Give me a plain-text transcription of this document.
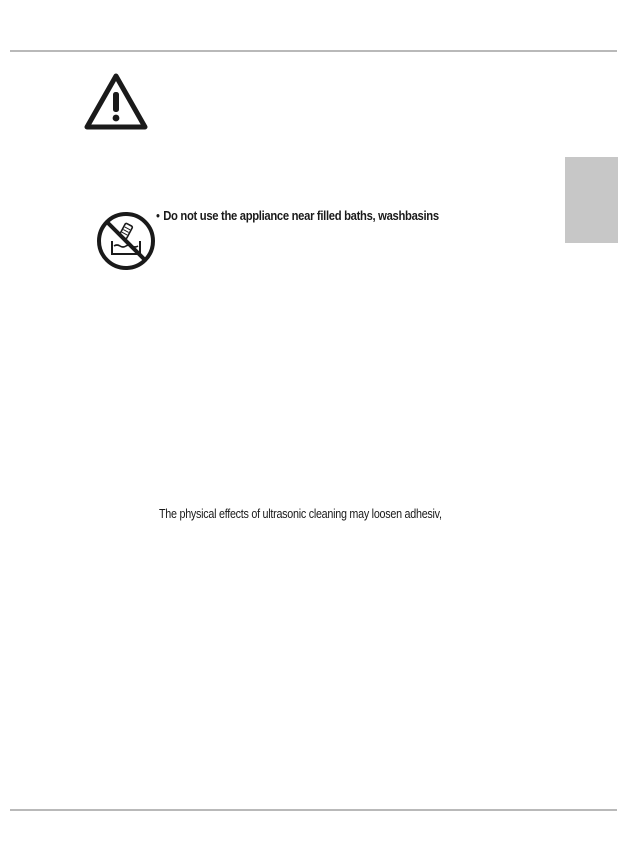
• Do not use the appliance near filled baths, washbasins
The physical effects of ultrasonic cleaning may loosen adhesiv,
